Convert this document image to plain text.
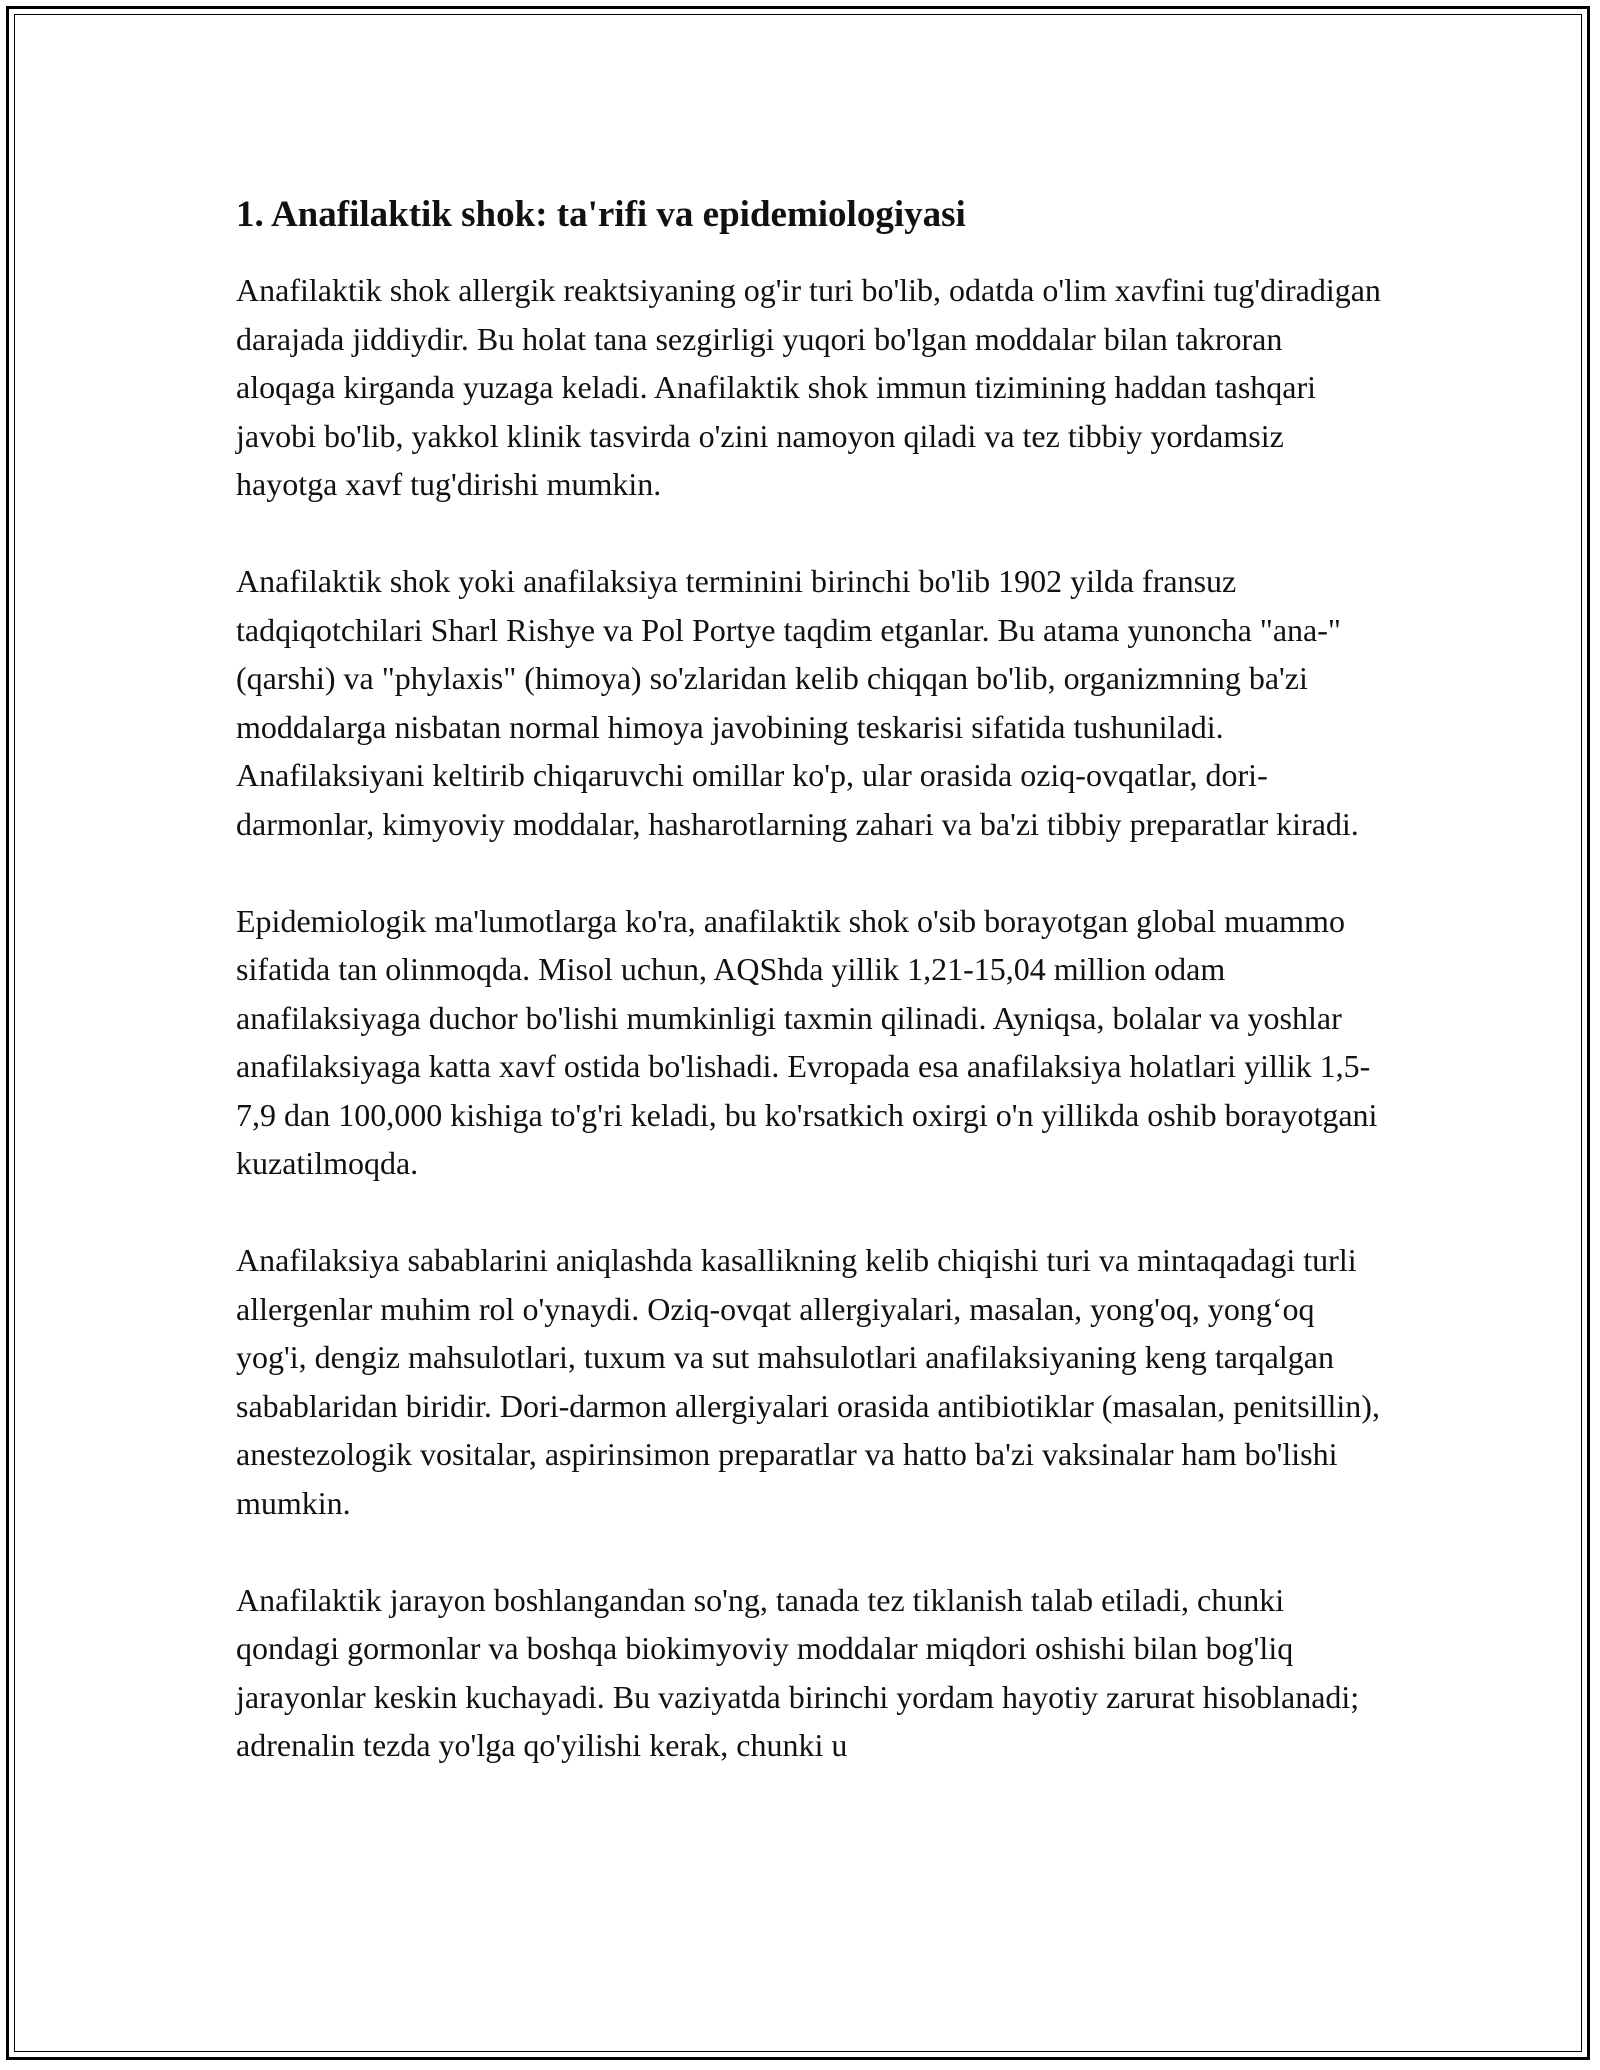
1. Anafilaktik shok: ta'rifi va epidemiologiyasi

Anafilaktik shok allergik reaktsiyaning og'ir turi bo'lib, odatda o'lim xavfini tug'diradigan darajada jiddiydir. Bu holat tana sezgirligi yuqori bo'lgan moddalar bilan takroran aloqaga kirganda yuzaga keladi. Anafilaktik shok immun tizimining haddan tashqari javobi bo'lib, yakkol klinik tasvirda o'zini namoyon qiladi va tez tibbiy yordamsiz hayotga xavf tug'dirishi mumkin.

Anafilaktik shok yoki anafilaksiya terminini birinchi bo'lib 1902 yilda fransuz tadqiqotchilari Sharl Rishye va Pol Portye taqdim etganlar. Bu atama yunoncha "ana-" (qarshi) va "phylaxis" (himoya) so'zlaridan kelib chiqqan bo'lib, organizmning ba'zi moddalarga nisbatan normal himoya javobining teskarisi sifatida tushuniladi. Anafilaksiyani keltirib chiqaruvchi omillar ko'p, ular orasida oziq-ovqatlar, dori-darmonlar, kimyoviy moddalar, hasharotlarning zahari va ba'zi tibbiy preparatlar kiradi.

Epidemiologik ma'lumotlarga ko'ra, anafilaktik shok o'sib borayotgan global muammo sifatida tan olinmoqda. Misol uchun, AQShda yillik 1,21-15,04 million odam anafilaksiyaga duchor bo'lishi mumkinligi taxmin qilinadi. Ayniqsa, bolalar va yoshlar anafilaksiyaga katta xavf ostida bo'lishadi. Evropada esa anafilaksiya holatlari yillik 1,5-7,9 dan 100,000 kishiga to'g'ri keladi, bu ko'rsatkich oxirgi o'n yillikda oshib borayotgani kuzatilmoqda.

Anafilaksiya sabablarini aniqlashda kasallikning kelib chiqishi turi va mintaqadagi turli allergenlar muhim rol o'ynaydi. Oziq-ovqat allergiyalari, masalan, yong'oq, yong‘oq yog'i, dengiz mahsulotlari, tuxum va sut mahsulotlari anafilaksiyaning keng tarqalgan sabablaridan biridir. Dori-darmon allergiyalari orasida antibiotiklar (masalan, penitsillin), anestezologik vositalar, aspirinsimon preparatlar va hatto ba'zi vaksinalar ham bo'lishi mumkin.

Anafilaktik jarayon boshlangandan so'ng, tanada tez tiklanish talab etiladi, chunki qondagi gormonlar va boshqa biokimyoviy moddalar miqdori oshishi bilan bog'liq jarayonlar keskin kuchayadi. Bu vaziyatda birinchi yordam hayotiy zarurat hisoblanadi; adrenalin tezda yo'lga qo'yilishi kerak, chunki u
